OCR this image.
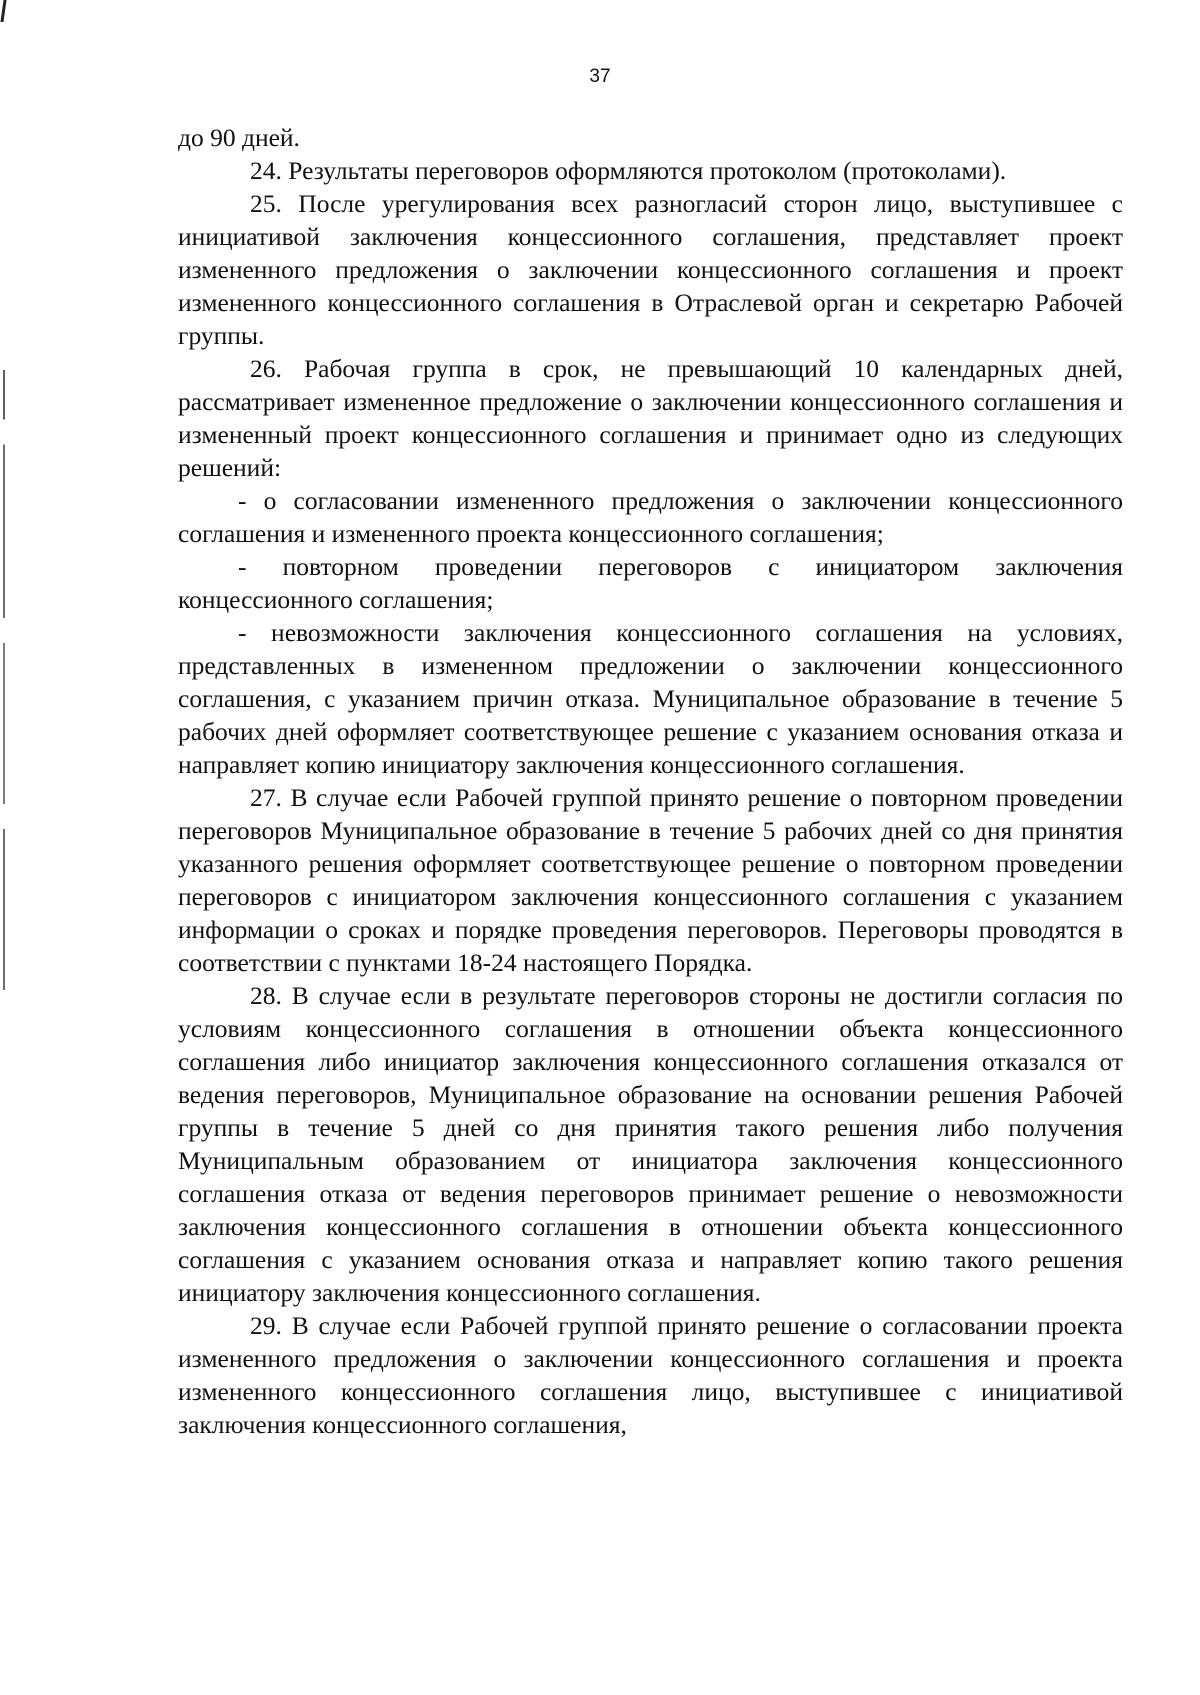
37

до 90 дней.

24. Результаты переговоров оформляются протоколом (протоколами).

25. После урегулирования всех разногласий сторон лицо, выступившее с инициативой заключения концессионного соглашения, представляет проект измененного предложения о заключении концессионного соглашения и проект измененного концессионного соглашения в Отраслевой орган и секретарю Рабочей группы.

26. Рабочая группа в срок, не превышающий 10 календарных дней, рассматривает измененное предложение о заключении концессионного соглашения и измененный проект концессионного соглашения и принимает одно из следующих решений:

- о согласовании измененного предложения о заключении концессионного соглашения и измененного проекта концессионного соглашения;

- повторном проведении переговоров с инициатором заключения концессионного соглашения;

- невозможности заключения концессионного соглашения на условиях, представленных в измененном предложении о заключении концессионного соглашения, с указанием причин отказа. Муниципальное образование в течение 5 рабочих дней оформляет соответствующее решение с указанием основания отказа и направляет копию инициатору заключения концессионного соглашения.

27. В случае если Рабочей группой принято решение о повторном проведении переговоров Муниципальное образование в течение 5 рабочих дней со дня принятия указанного решения оформляет соответствующее решение о повторном проведении переговоров с инициатором заключения концессионного соглашения с указанием информации о сроках и порядке проведения переговоров. Переговоры проводятся в соответствии с пунктами 18-24 настоящего Порядка.

28. В случае если в результате переговоров стороны не достигли согласия по условиям концессионного соглашения в отношении объекта концессионного соглашения либо инициатор заключения концессионного соглашения отказался от ведения переговоров, Муниципальное образование на основании решения Рабочей группы в течение 5 дней со дня принятия такого решения либо получения Муниципальным образованием от инициатора заключения концессионного соглашения отказа от ведения переговоров принимает решение о невозможности заключения концессионного соглашения в отношении объекта концессионного соглашения с указанием основания отказа и направляет копию такого решения инициатору заключения концессионного соглашения.

29. В случае если Рабочей группой принято решение о согласовании проекта измененного предложения о заключении концессионного соглашения и проекта измененного концессионного соглашения лицо, выступившее с инициативой заключения концессионного соглашения,
